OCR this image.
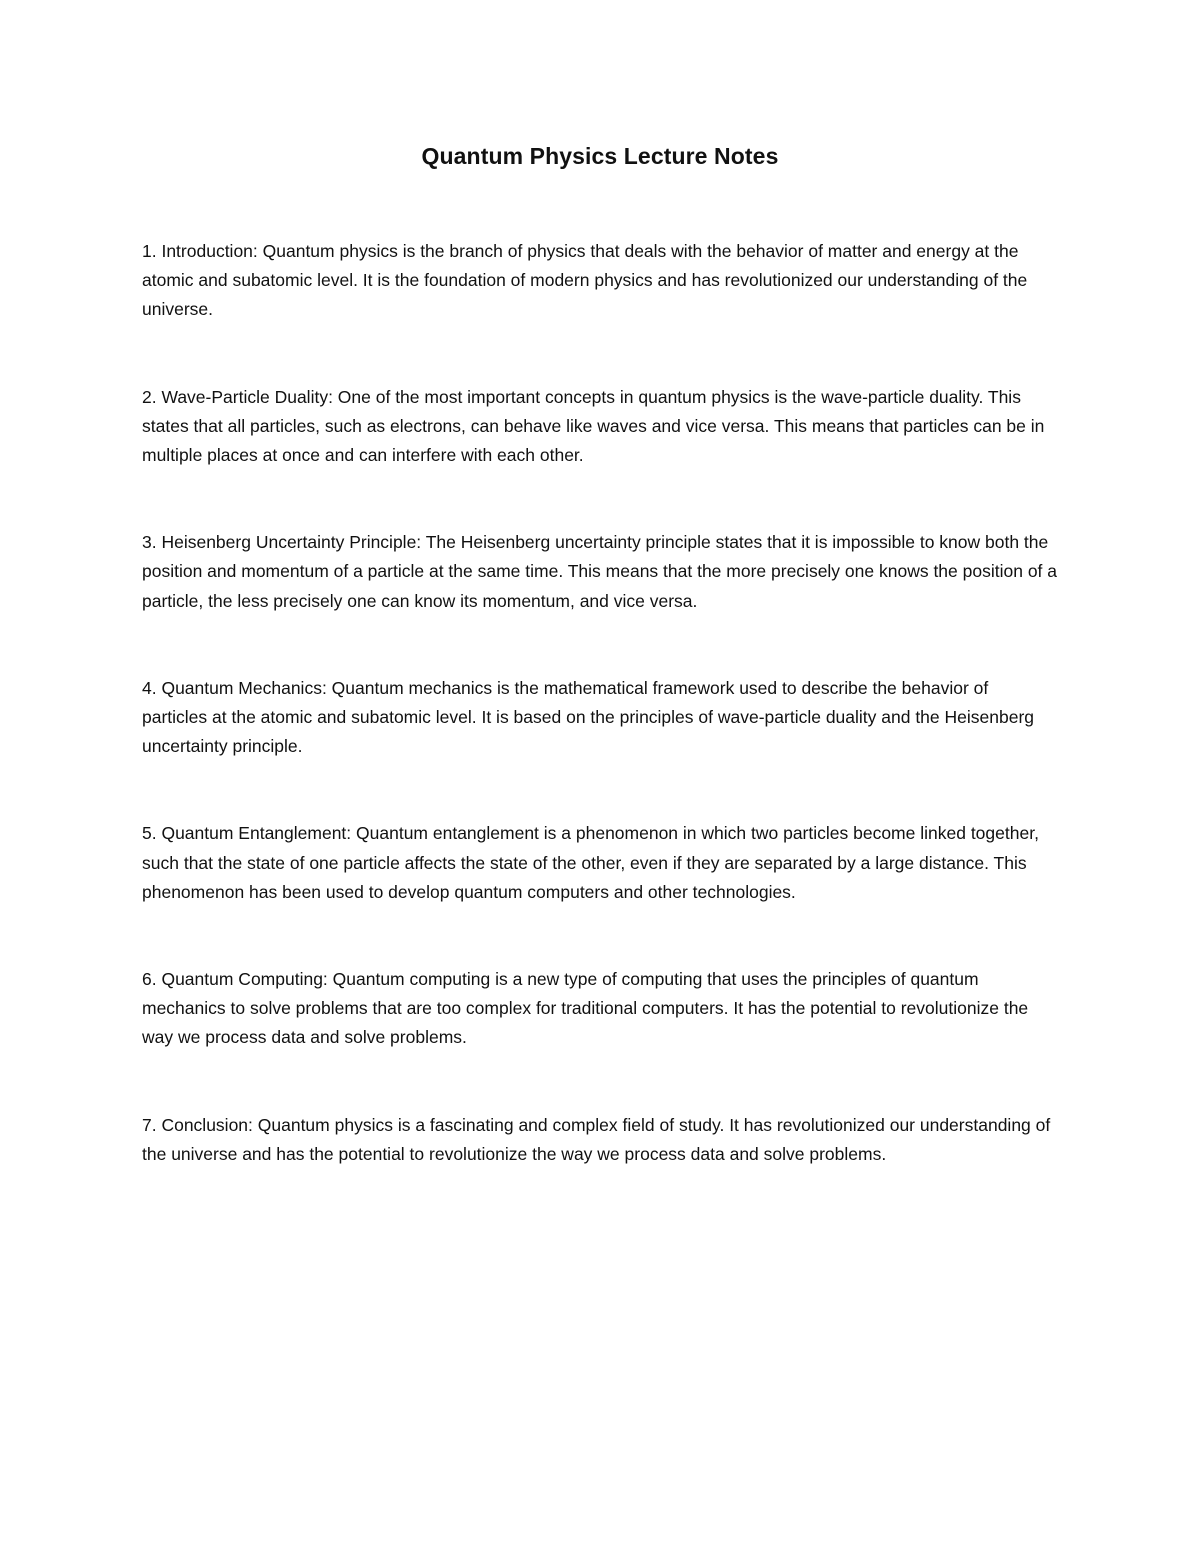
Quantum Physics Lecture Notes

1. Introduction: Quantum physics is the branch of physics that deals with the behavior of matter and energy at the atomic and subatomic level. It is the foundation of modern physics and has revolutionized our understanding of the universe.

2. Wave-Particle Duality: One of the most important concepts in quantum physics is the wave-particle duality. This states that all particles, such as electrons, can behave like waves and vice versa. This means that particles can be in multiple places at once and can interfere with each other.

3. Heisenberg Uncertainty Principle: The Heisenberg uncertainty principle states that it is impossible to know both the position and momentum of a particle at the same time. This means that the more precisely one knows the position of a particle, the less precisely one can know its momentum, and vice versa.

4. Quantum Mechanics: Quantum mechanics is the mathematical framework used to describe the behavior of particles at the atomic and subatomic level. It is based on the principles of wave-particle duality and the Heisenberg uncertainty principle.

5. Quantum Entanglement: Quantum entanglement is a phenomenon in which two particles become linked together, such that the state of one particle affects the state of the other, even if they are separated by a large distance. This phenomenon has been used to develop quantum computers and other technologies.

6. Quantum Computing: Quantum computing is a new type of computing that uses the principles of quantum mechanics to solve problems that are too complex for traditional computers. It has the potential to revolutionize the way we process data and solve problems.

7. Conclusion: Quantum physics is a fascinating and complex field of study. It has revolutionized our understanding of the universe and has the potential to revolutionize the way we process data and solve problems.
